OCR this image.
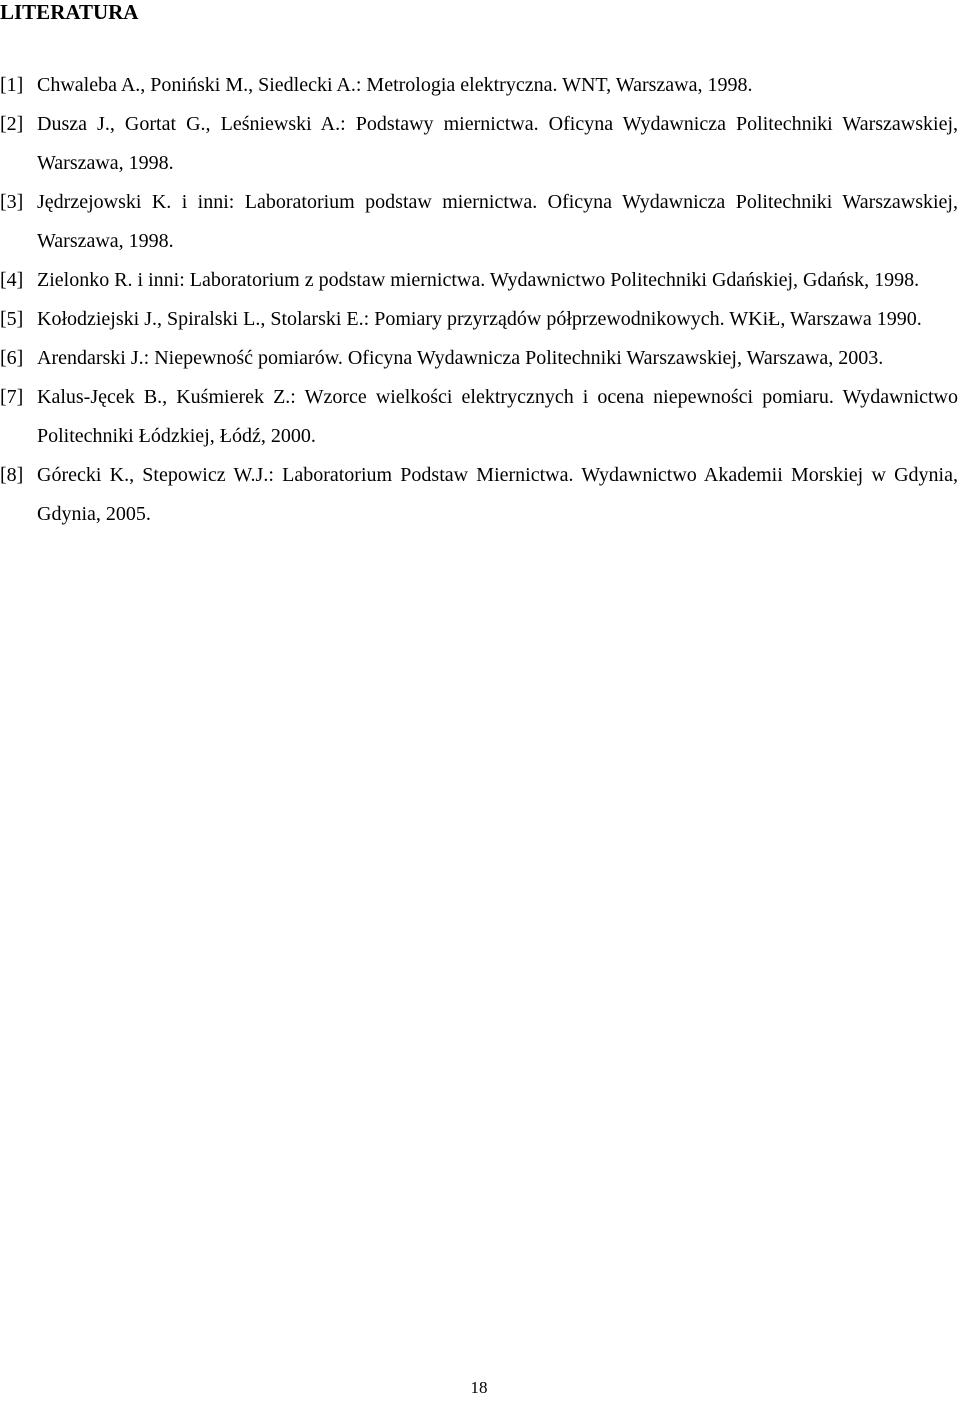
LITERATURA
[1] Chwaleba A., Poniński M., Siedlecki A.: Metrologia elektryczna. WNT, Warszawa, 1998.
[2] Dusza J., Gortat G., Leśniewski A.: Podstawy miernictwa. Oficyna Wydawnicza Politechniki Warszawskiej, Warszawa, 1998.
[3] Jędrzejowski K. i inni: Laboratorium podstaw miernictwa. Oficyna Wydawnicza Politechniki Warszawskiej, Warszawa, 1998.
[4] Zielonko R. i inni: Laboratorium z podstaw miernictwa. Wydawnictwo Politechniki Gdańskiej, Gdańsk, 1998.
[5] Kołodziejski J., Spiralski L., Stolarski E.: Pomiary przyrządów półprzewodnikowych. WKiŁ, Warszawa 1990.
[6] Arendarski J.: Niepewność pomiarów. Oficyna Wydawnicza Politechniki Warszawskiej, Warszawa, 2003.
[7] Kalus-Jęcek B., Kuśmierek Z.: Wzorce wielkości elektrycznych i ocena niepewności pomiaru. Wydawnictwo Politechniki Łódzkiej, Łódź, 2000.
[8] Górecki K., Stepowicz W.J.: Laboratorium Podstaw Miernictwa. Wydawnictwo Akademii Morskiej w Gdynia, Gdynia, 2005.
18
